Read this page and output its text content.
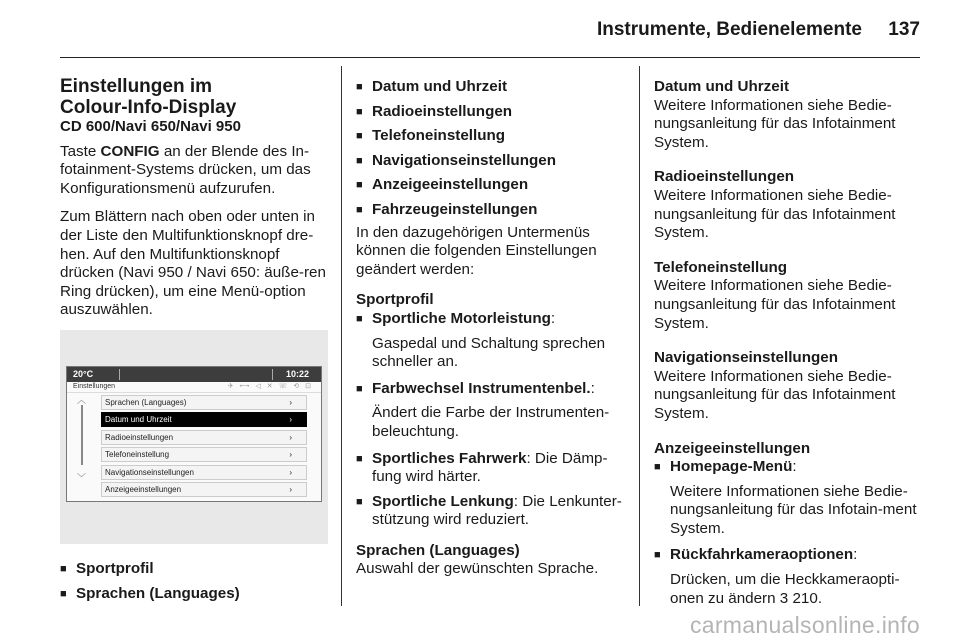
Instrumente, Bedienelemente 137
Einstellungen im
Colour-Info-Display
CD 600/Navi 650/Navi 950

Taste CONFIG an der Blende des In-fotainment-Systems drücken, um das Konfigurationsmenü aufzurufen.

Zum Blättern nach oben oder unten in der Liste den Multifunktionsknopf dre-hen. Auf den Multifunktionsknopf drücken (Navi 950 / Navi 650: äuße-ren Ring drücken), um eine Menü-option auszuwählen.

20°C	10:22
Einstellungen	✈ ⟷ ◁ ✕ ☏ ⟲ ⊡
︿
﹀
Sprachen (Languages)	›
Datum und Uhrzeit	›
Radioeinstellungen	›
Telefoneinstellung	›
Navigationseinstellungen	›
Anzeigeeinstellungen	›
■ Sportprofil
■ Sprachen (Languages)
■ Datum und Uhrzeit
■ Radioeinstellungen
■ Telefoneinstellung
■ Navigationseinstellungen
■ Anzeigeeinstellungen
■ Fahrzeugeinstellungen

In den dazugehörigen Untermenüs können die folgenden Einstellungen geändert werden:

Sportprofil
■ Sportliche Motorleistung:
Gaspedal und Schaltung sprechen schneller an.
■ Farbwechsel Instrumentenbel.:
Ändert die Farbe der Instrumenten-beleuchtung.
■ Sportliches Fahrwerk: Die Dämp-fung wird härter.
■ Sportliche Lenkung: Die Lenkunter-stützung wird reduziert.
Sprachen (Languages)
Auswahl der gewünschten Sprache.
Datum und Uhrzeit

Weitere Informationen siehe Bedie-nungsanleitung für das Infotainment System.

Radioeinstellungen

Weitere Informationen siehe Bedie-nungsanleitung für das Infotainment System.

Telefoneinstellung

Weitere Informationen siehe Bedie-nungsanleitung für das Infotainment System.

Navigationseinstellungen

Weitere Informationen siehe Bedie-nungsanleitung für das Infotainment System.

Anzeigeeinstellungen
■ Homepage-Menü:
Weitere Informationen siehe Bedie-nungsanleitung für das Infotain-ment System.
■ Rückfahrkameraoptionen:
Drücken, um die Heckkameraopti-onen zu ändern 3 210.
carmanualsonline.info
